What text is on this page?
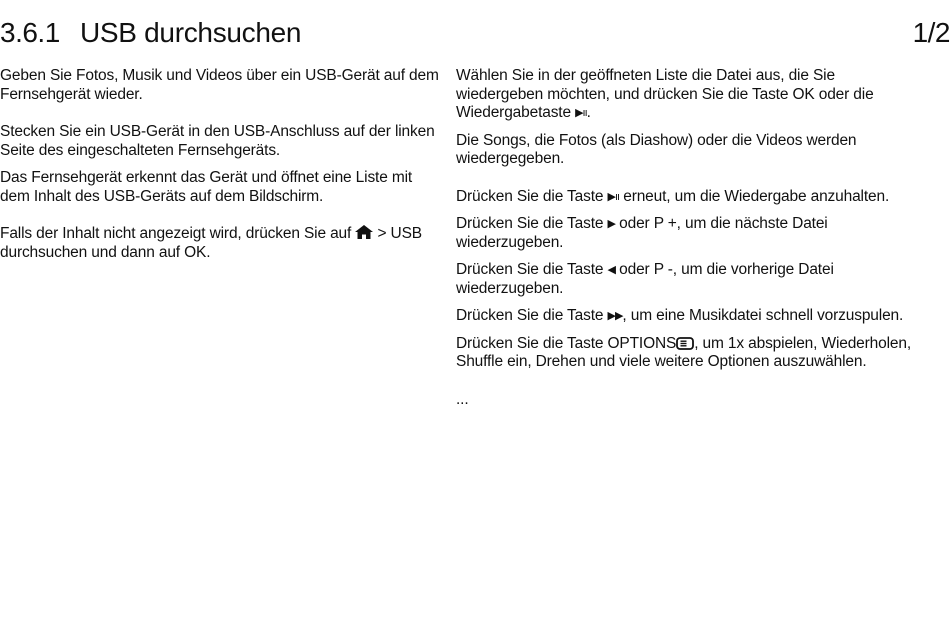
3.6.1 USB durchsuchen	1/2

Geben Sie Fotos, Musik und Videos über ein USB-Gerät auf dem Fernsehgerät wieder.

Stecken Sie ein USB-Gerät in den USB-Anschluss auf der linken Seite des eingeschalteten Fernsehgeräts.

Das Fernsehgerät erkennt das Gerät und öffnet eine Liste mit dem Inhalt des USB-Geräts auf dem Bildschirm.

Falls der Inhalt nicht angezeigt wird, drücken Sie auf  > USB durchsuchen und dann auf OK.

Wählen Sie in der geöffneten Liste die Datei aus, die Sie wiedergeben möchten, und drücken Sie die Taste OK oder die Wiedergabetaste ▶ıı.

Die Songs, die Fotos (als Diashow) oder die Videos werden wiedergegeben.

Drücken Sie die Taste ▶ıı erneut, um die Wiedergabe anzuhalten.

Drücken Sie die Taste ▶ oder P +, um die nächste Datei wiederzugeben.

Drücken Sie die Taste ◀ oder P -, um die vorherige Datei wiederzugeben.

Drücken Sie die Taste ▶▶, um eine Musikdatei schnell vorzuspulen.

Drücken Sie die Taste OPTIONS , um 1x abspielen, Wiederholen, Shuffle ein, Drehen und viele weitere Optionen auszuwählen.

...
